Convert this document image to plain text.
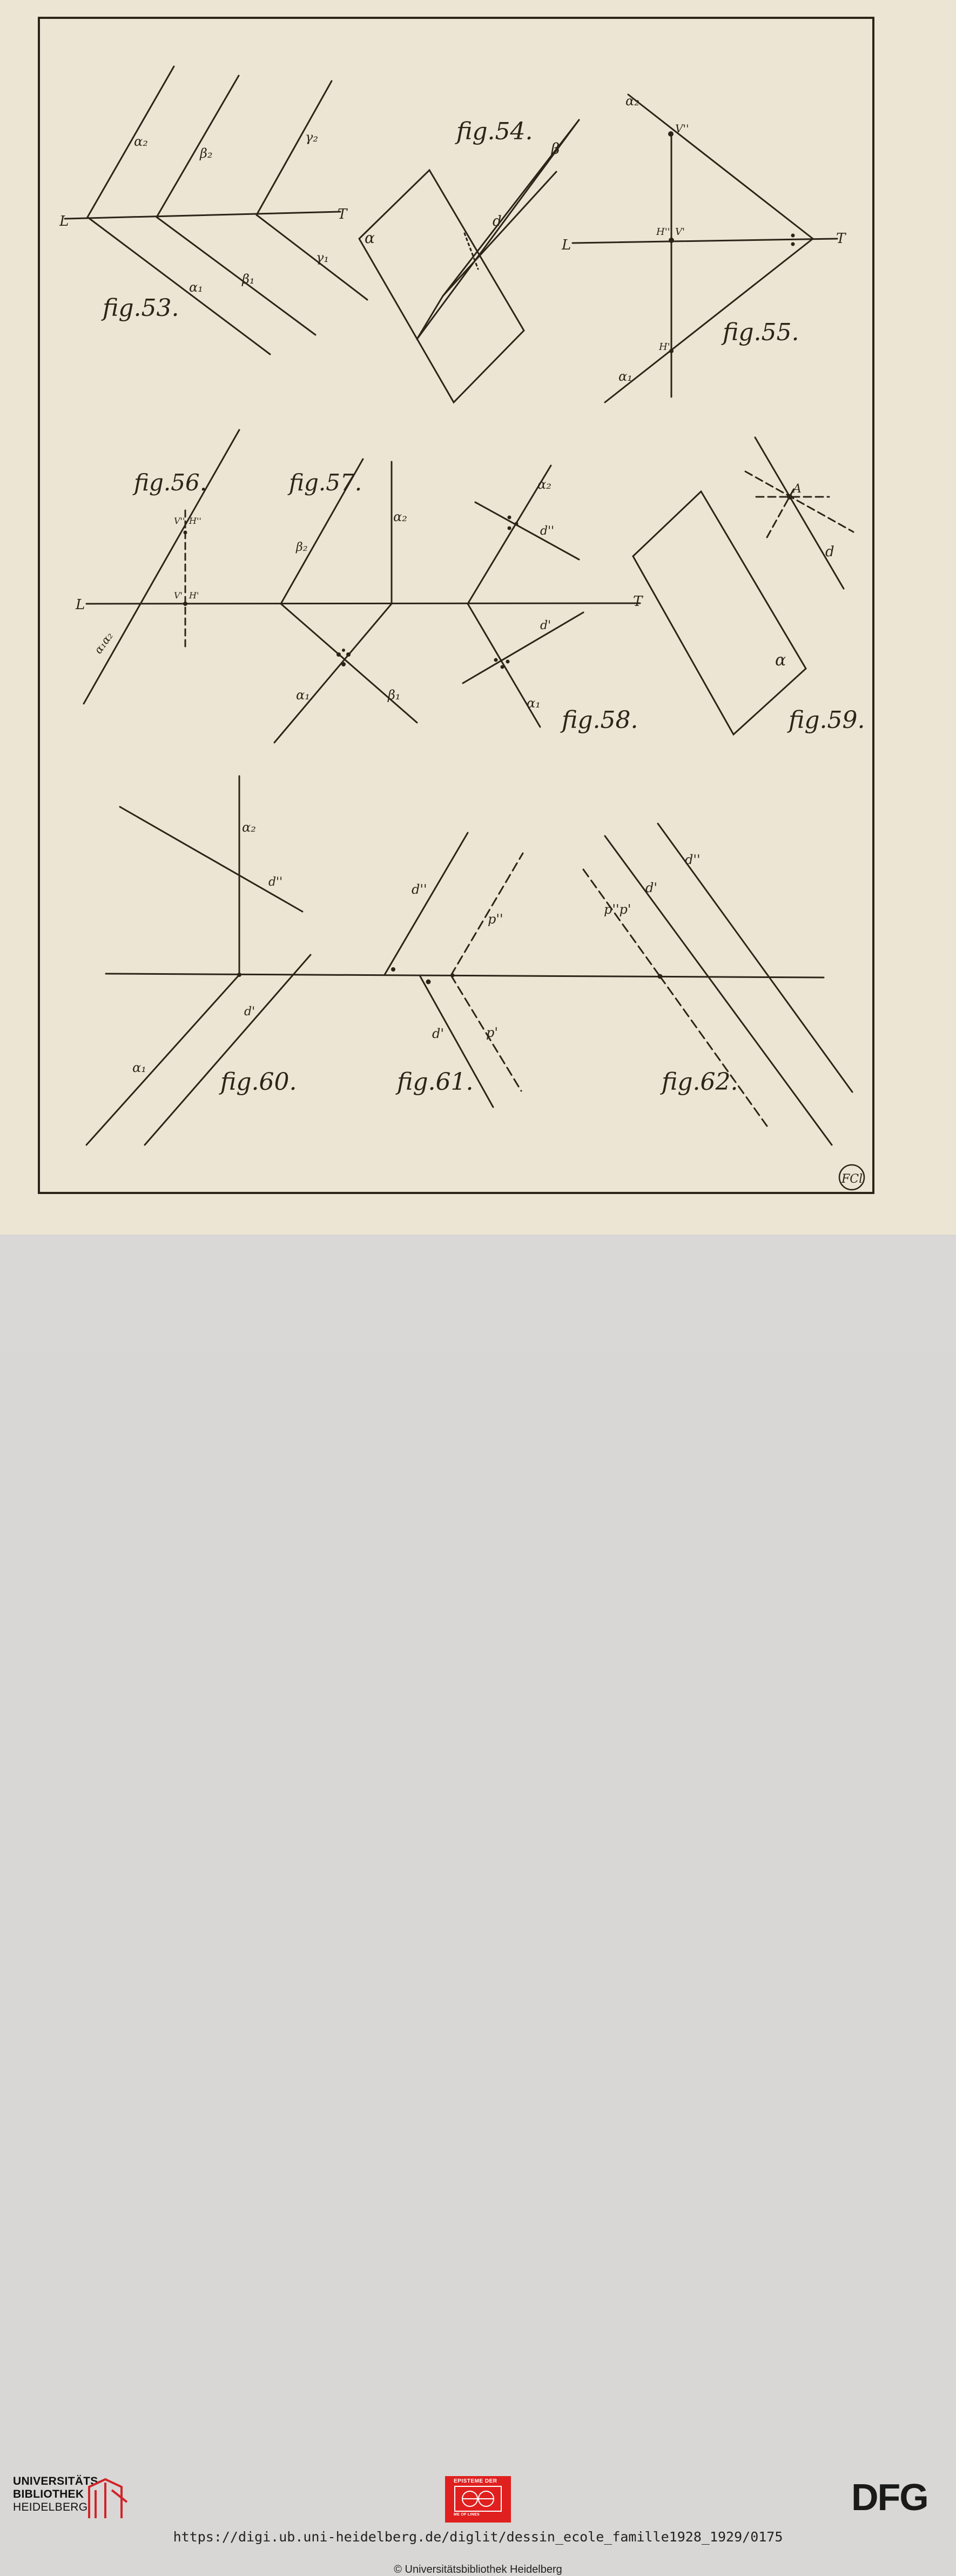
fig.53.
fig.54.
fig.55.
fig.56.	fig.57.
fig.58.	fig.59.
fig.60.	fig.61.	fig.62.
L	T
α₂
β₂
γ₂
α₁
β₁
γ₁
α
β
d
α₂
V''
H'' V'
L	T
H'
α₁
V'' H''
V' H'
L
α₁α₂
β₂
α₂
α₁	β₁
α₂
d''
T
d'
α₁
A
d
α
α₂
d''
d'
α₁
d''
p''
d'	p'
p''p'
d'
d''
FCl
UNIVERSITÄTS-
BIBLIOTHEK
HEIDELBERG
EPISTEME DER
ME OF LINES	DFG
https://digi.ub.uni-heidelberg.de/diglit/dessin_ecole_famille1928_1929/0175
© Universitätsbibliothek Heidelberg
